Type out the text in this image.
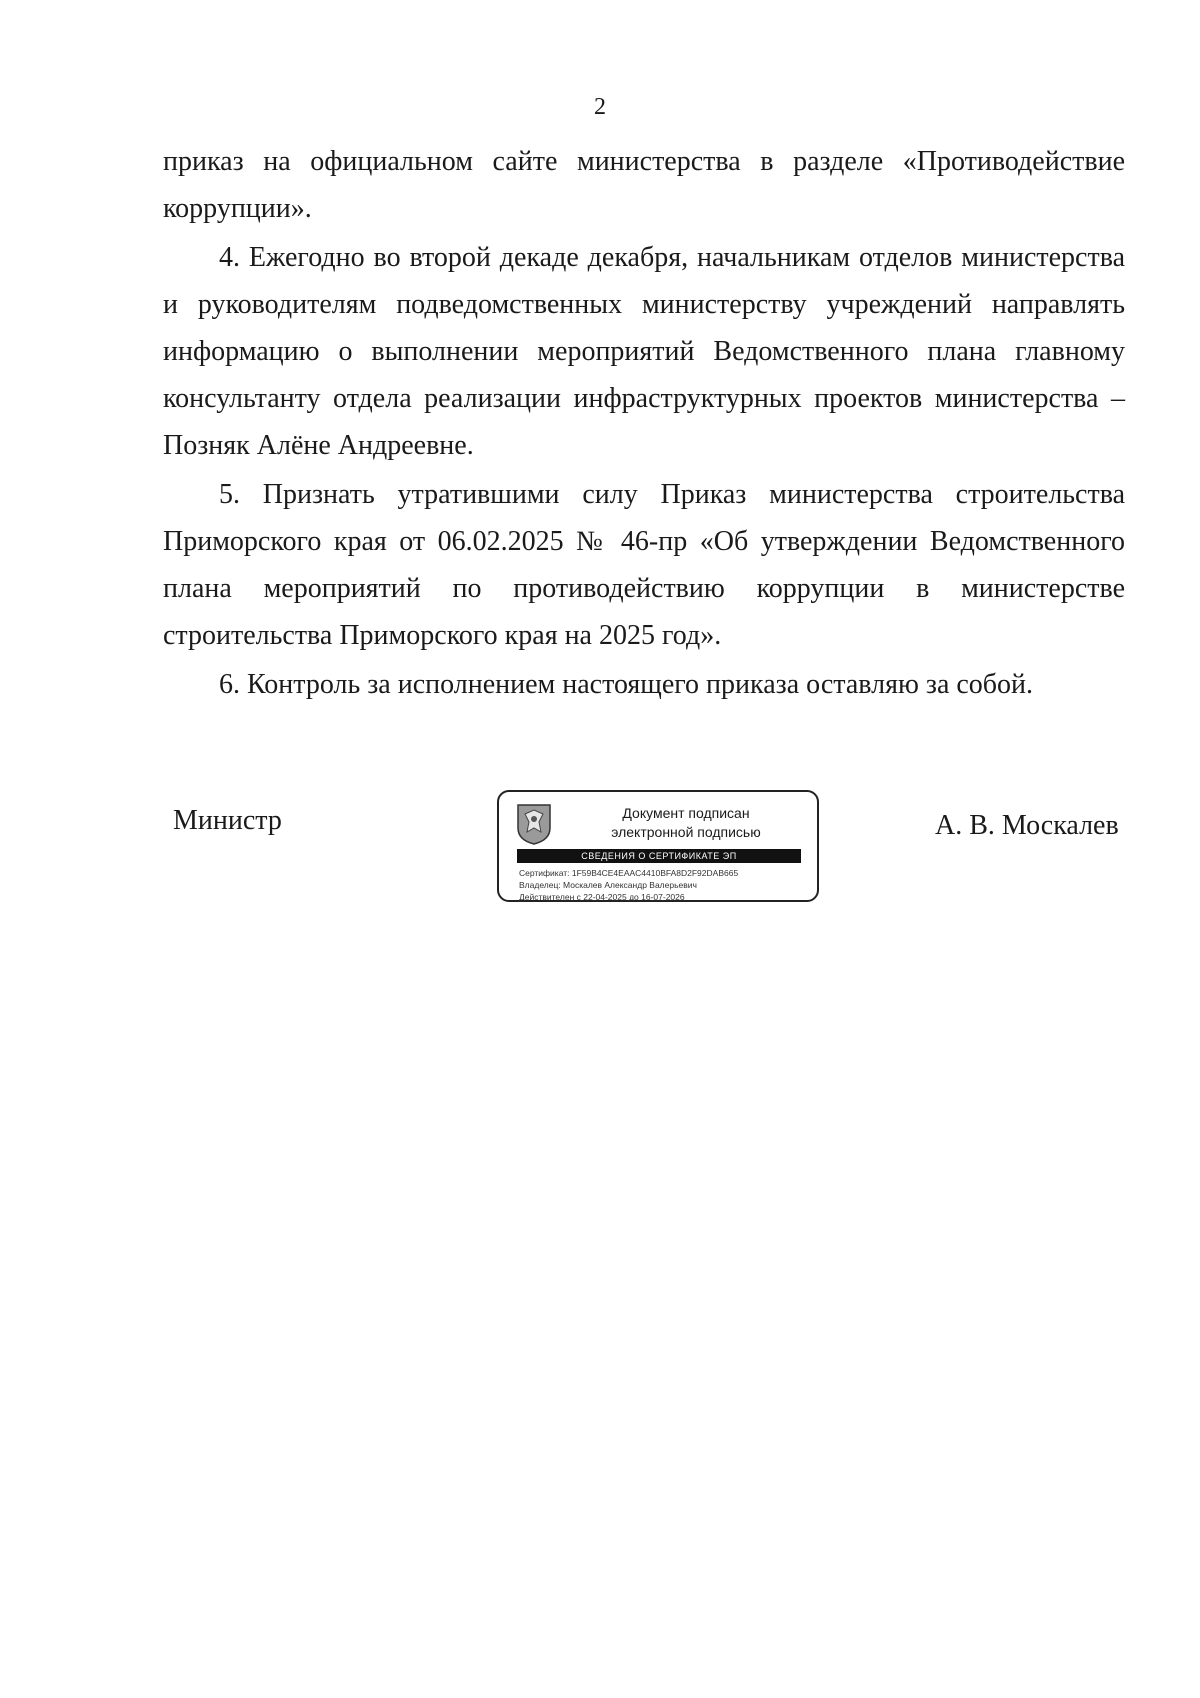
2

приказ на официальном сайте министерства в разделе «Противодействие коррупции».

4. Ежегодно во второй декаде декабря, начальникам отделов министерства и руководителям подведомственных министерству учреждений направлять информацию о выполнении мероприятий Ведомственного плана главному консультанту отдела реализации инфраструктурных проектов министерства – Позняк Алёне Андреевне.

5. Признать утратившими силу Приказ министерства строительства Приморского края от 06.02.2025 № 46-пр «Об утверждении Ведомственного плана мероприятий по противодействию коррупции в министерстве строительства Приморского края на 2025 год».

6. Контроль за исполнением настоящего приказа оставляю за собой.

Министр	Документ подписан
электронной подписью
СВЕДЕНИЯ О СЕРТИФИКАТЕ ЭП
Сертификат: 1F59B4CE4EAAC4410BFA8D2F92DAB665
Владелец: Москалев Александр Валерьевич
Действителен с 22-04-2025 до 16-07-2026
А. В. Москалев
